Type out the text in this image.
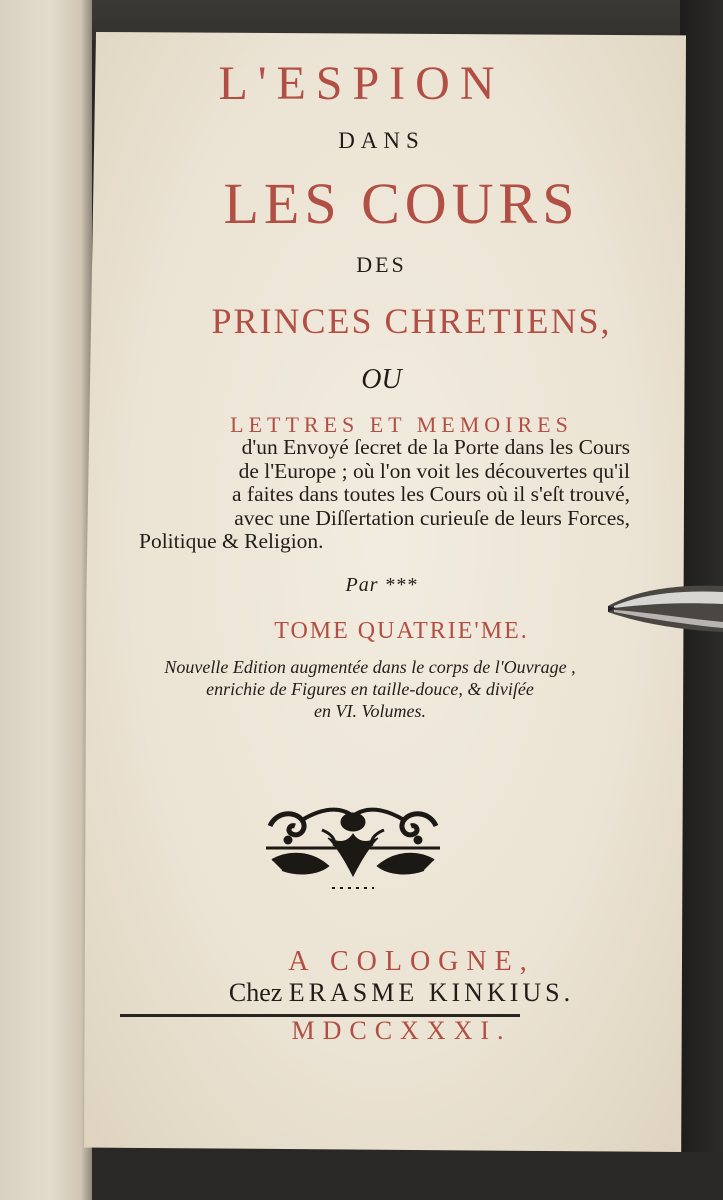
L'ESPION
DANS
LES COURS
DES
PRINCES CHRETIENS,
OU
LETTRES ET MEMOIRES
d'un Envoyé ſecret de la Porte dans les Cours
de l'Europe ; où l'on voit les découvertes qu'il
a faites dans toutes les Cours où il s'eſt trouvé,
avec une Diſſertation curieuſe de leurs Forces,
Politique & Religion.
Par ***
TOME QUATRIE'ME.
Nouvelle Edition augmentée dans le corps de l'Ouvrage ,
enrichie de Figures en taille-douce, & diviſée
en VI. Volumes.
A COLOGNE,
Chez ERASME KINKIUS.
MDCCXXXI.
